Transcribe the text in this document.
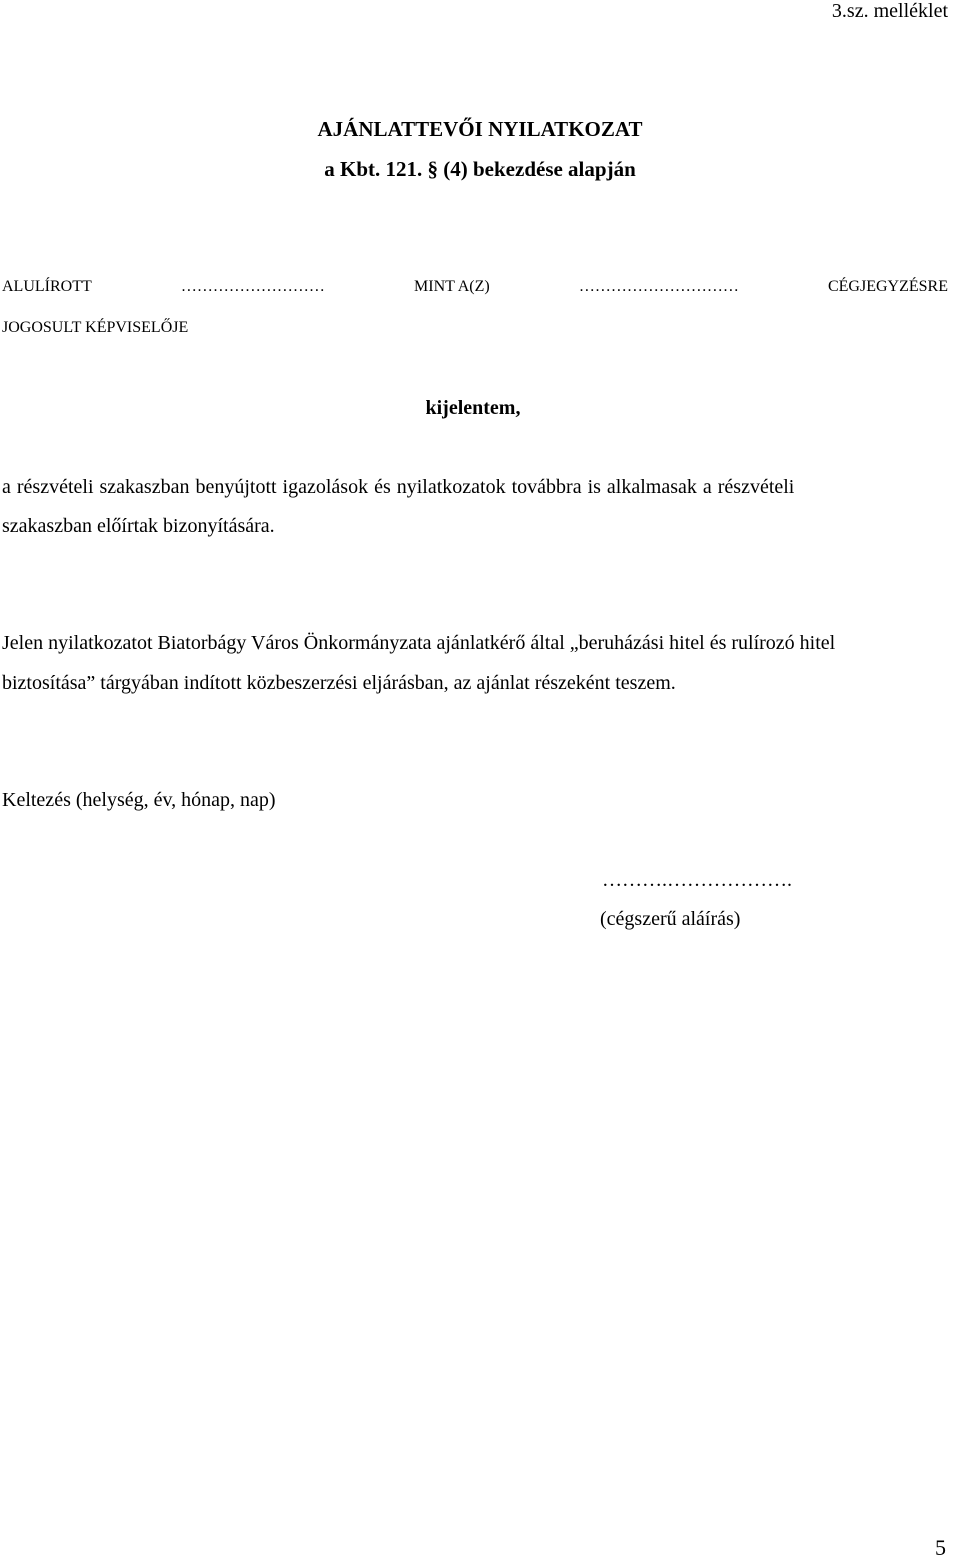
3.sz. melléklet
AJÁNLATTEVŐI NYILATKOZAT
a Kbt. 121. § (4) bekezdése alapján
ALULÍROTT	………………………	MINT A(Z)	…………………………	CÉGJEGYZÉSRE
JOGOSULT KÉPVISELŐJE
kijelentem,
a részvételi szakaszban benyújtott igazolások és nyilatkozatok továbbra is alkalmasak a részvételi
szakaszban előírtak bizonyítására.
Jelen nyilatkozatot Biatorbágy Város Önkormányzata ajánlatkérő által „beruházási hitel és rulírozó hitel
biztosítása” tárgyában indított közbeszerzési eljárásban, az ajánlat részeként teszem.
Keltezés (helység, év, hónap, nap)
……….……………….
(cégszerű aláírás)
5
